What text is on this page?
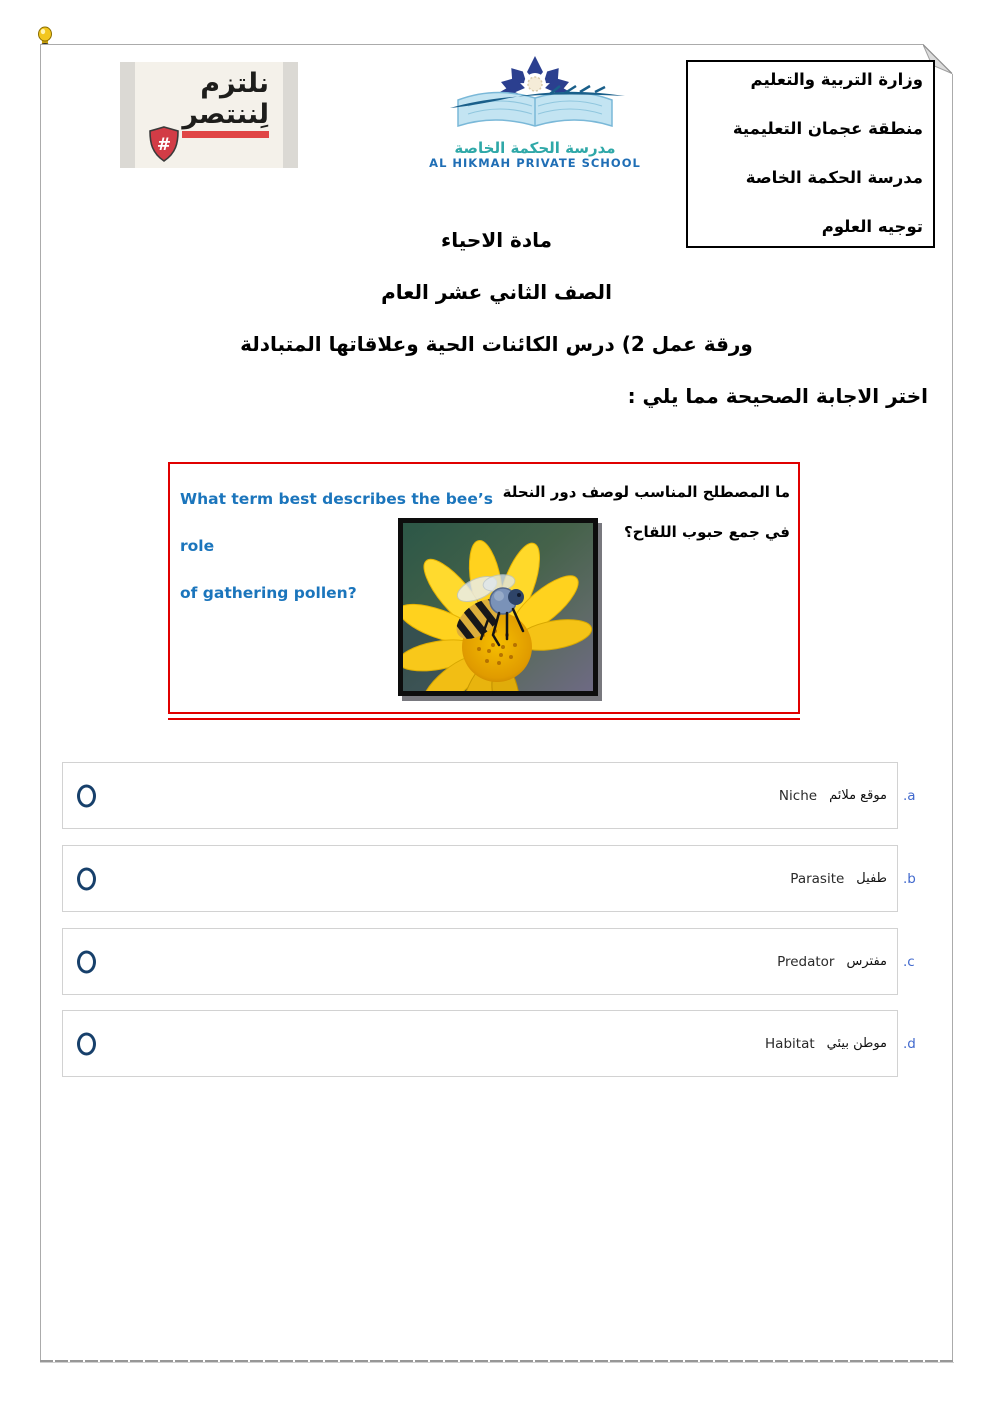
نلتزم
لِننتصر
#	مدرسة الحكمة الخاصة
AL HIKMAH PRIVATE SCHOOL
وزارة التربية والتعليم
منطقة عجمان التعليمية
مدرسة الحكمة الخاصة
توجيه العلوم
مادة الاحياء
الصف الثاني عشر العام
ورقة عمل 2) درس الكائنات الحية وعلاقاتها المتبادلة
اختر الاجابة الصحيحة مما يلي :
ما المصطلح المناسب لوصف دور النحلة في جمع حبوب اللقاح؟
What term best describes the bee’s role
of gathering pollen?
Niche موقع ملائم a.
Parasite طفيل b.
Predator مفترس c.
Habitat موطن بيئي d.
